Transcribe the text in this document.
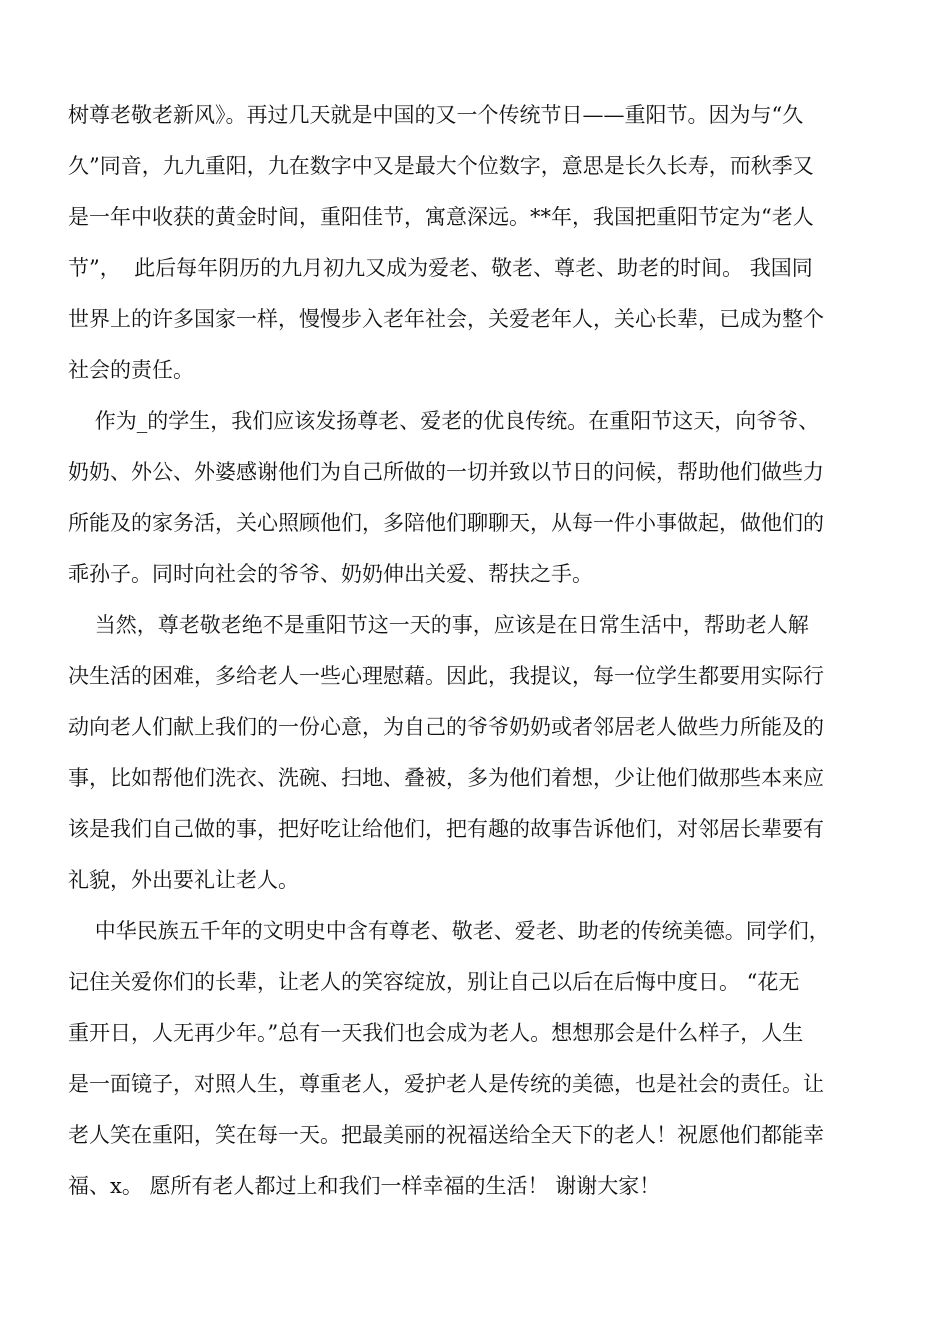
树尊老敬老新风》。再过几天就是中国的又一个传统节日——重阳节。因为与“久
久”同音，九九重阳，九在数字中又是最大个位数字，意思是长久长寿，而秋季又
是一年中收获的黄金时间，重阳佳节，寓意深远。**年，我国把重阳节定为“老人
节”，  此后每年阴历的九月初九又成为爱老、敬老、尊老、助老的时间。 我国同
世界上的许多国家一样，慢慢步入老年社会，关爱老年人，关心长辈，已成为整个
社会的责任。
作为_的学生，我们应该发扬尊老、爱老的优良传统。在重阳节这天，向爷爷、
奶奶、外公、外婆感谢他们为自己所做的一切并致以节日的问候，帮助他们做些力
所能及的家务活，关心照顾他们，多陪他们聊聊天，从每一件小事做起，做他们的
乖孙子。同时向社会的爷爷、奶奶伸出关爱、帮扶之手。
当然，尊老敬老绝不是重阳节这一天的事，应该是在日常生活中，帮助老人解
决生活的困难，多给老人一些心理慰藉。因此，我提议，每一位学生都要用实际行
动向老人们献上我们的一份心意，为自己的爷爷奶奶或者邻居老人做些力所能及的
事，比如帮他们洗衣、洗碗、扫地、叠被，多为他们着想，少让他们做那些本来应
该是我们自己做的事，把好吃让给他们，把有趣的故事告诉他们，对邻居长辈要有
礼貌，外出要礼让老人。
中华民族五千年的文明史中含有尊老、敬老、爱老、助老的传统美德。同学们，
记住关爱你们的长辈，让老人的笑容绽放，别让自己以后在后悔中度日。 “花无
重开日，人无再少年。”总有一天我们也会成为老人。想想那会是什么样子，人生
是一面镜子，对照人生，尊重老人，爱护老人是传统的美德，也是社会的责任。让
老人笑在重阳，笑在每一天。把最美丽的祝福送给全天下的老人！祝愿他们都能幸
福、x。 愿所有老人都过上和我们一样幸福的生活！ 谢谢大家！
